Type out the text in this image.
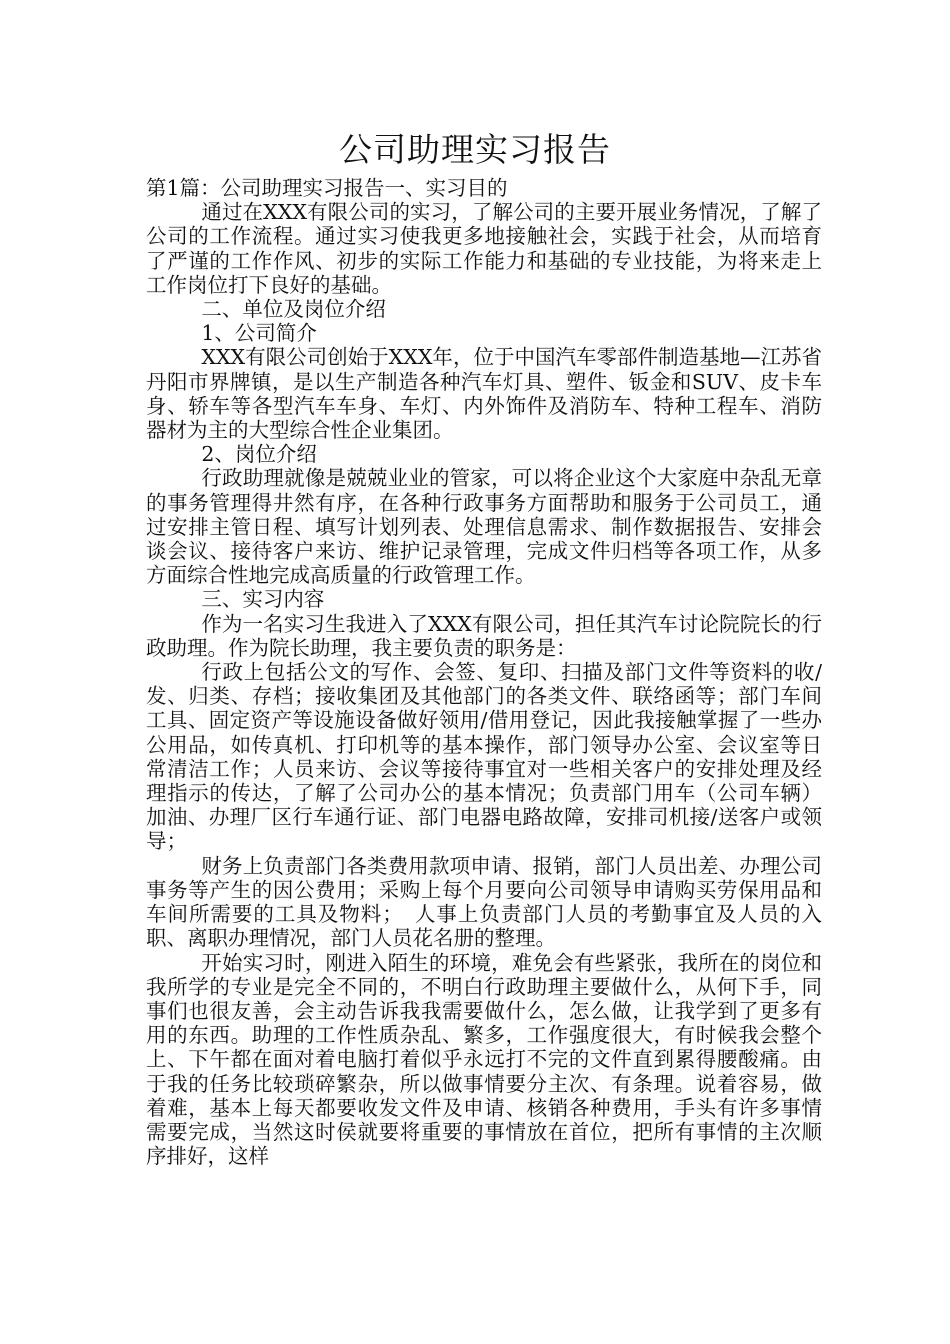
公司助理实习报告

第1篇：公司助理实习报告一、实习目的

通过在XXX有限公司的实习，了解公司的主要开展业务情况，了解了公司的工作流程。通过实习使我更多地接触社会，实践于社会，从而培育了严谨的工作作风、初步的实际工作能力和基础的专业技能，为将来走上工作岗位打下良好的基础。

二、单位及岗位介绍

1、公司简介

XXX有限公司创始于XXX年，位于中国汽车零部件制造基地—江苏省丹阳市界牌镇，是以生产制造各种汽车灯具、塑件、钣金和SUV、皮卡车身、轿车等各型汽车车身、车灯、内外饰件及消防车、特种工程车、消防器材为主的大型综合性企业集团。

2、岗位介绍

行政助理就像是兢兢业业的管家，可以将企业这个大家庭中杂乱无章的事务管理得井然有序，在各种行政事务方面帮助和服务于公司员工，通过安排主管日程、填写计划列表、处理信息需求、制作数据报告、安排会谈会议、接待客户来访、维护记录管理，完成文件归档等各项工作，从多方面综合性地完成高质量的行政管理工作。

三、实习内容

作为一名实习生我进入了XXX有限公司，担任其汽车讨论院院长的行政助理。作为院长助理，我主要负责的职务是：

行政上包括公文的写作、会签、复印、扫描及部门文件等资料的收/发、归类、存档；接收集团及其他部门的各类文件、联络函等；部门车间工具、固定资产等设施设备做好领用/借用登记，因此我接触掌握了一些办公用品，如传真机、打印机等的基本操作，部门领导办公室、会议室等日常清洁工作；人员来访、会议等接待事宜对一些相关客户的安排处理及经理指示的传达，了解了公司办公的基本情况；负责部门用车（公司车辆）加油、办理厂区行车通行证、部门电器电路故障，安排司机接/送客户或领导；

财务上负责部门各类费用款项申请、报销，部门人员出差、办理公司事务等产生的因公费用；采购上每个月要向公司领导申请购买劳保用品和车间所需要的工具及物料；　人事上负责部门人员的考勤事宜及人员的入职、离职办理情况，部门人员花名册的整理。

开始实习时，刚进入陌生的环境，难免会有些紧张，我所在的岗位和我所学的专业是完全不同的，不明白行政助理主要做什么，从何下手，同事们也很友善，会主动告诉我我需要做什么，怎么做，让我学到了更多有用的东西。助理的工作性质杂乱、繁多，工作强度很大，有时候我会整个上、下午都在面对着电脑打着似乎永远打不完的文件直到累得腰酸痛。由于我的任务比较琐碎繁杂，所以做事情要分主次、有条理。说着容易，做着难，基本上每天都要收发文件及申请、核销各种费用，手头有许多事情需要完成，当然这时侯就要将重要的事情放在首位，把所有事情的主次顺序排好，这样
